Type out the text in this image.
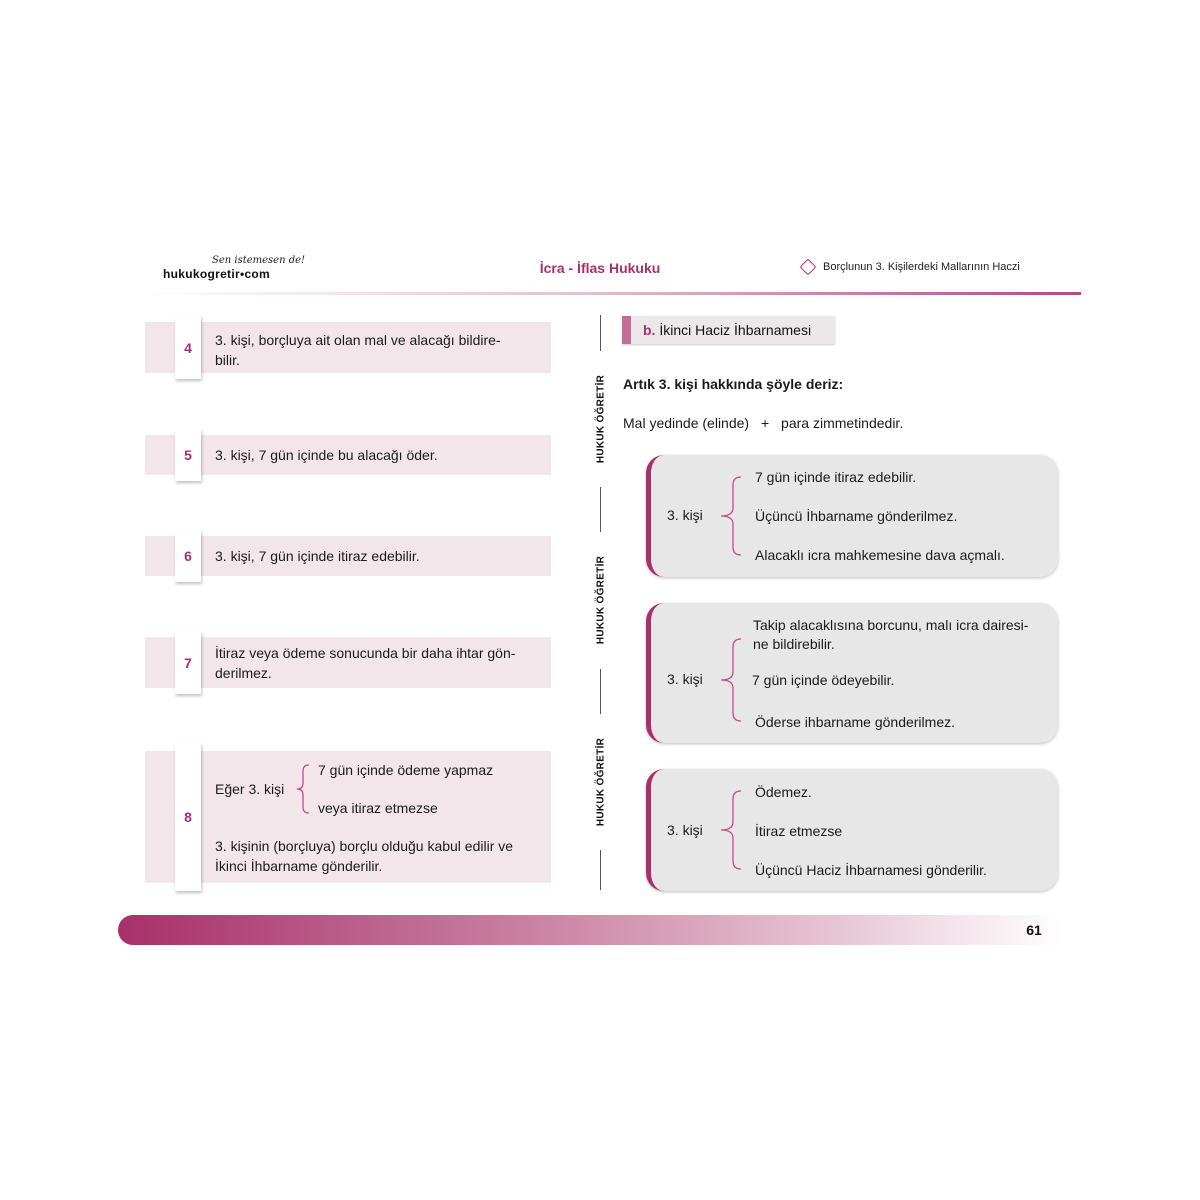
Sen istemesen de!
hukukogretir•com	İcra - İflas Hukuku	Borçlunun 3. Kişilerdeki Mallarının Haczi
4	3. kişi, borçluya ait olan mal ve alacağı bildire-
bilir.
5	3. kişi, 7 gün içinde bu alacağı öder.
6	3. kişi, 7 gün içinde itiraz edebilir.
7
İtiraz veya ödeme sonucunda bir daha ihtar gön-
derilmez.
8
Eğer 3. kişi
7 gün içinde ödeme yapmaz
veya itiraz etmezse
3. kişinin (borçluya) borçlu olduğu kabul edilir ve
İkinci İhbarname gönderilir.
HUKUK ÖĞRETİR
HUKUK ÖĞRETİR
HUKUK ÖĞRETİR
b. İkinci Haciz İhbarnamesi
Artık 3. kişi hakkında şöyle deriz:
Mal yedinde (elinde) + para zimmetindedir.
3. kişi
7 gün içinde itiraz edebilir.
Üçüncü İhbarname gönderilmez.
Alacaklı icra mahkemesine dava açmalı.
3. kişi
Takip alacaklısına borcunu, malı icra dairesi-
ne bildirebilir.
7 gün içinde ödeyebilir.
Öderse ihbarname gönderilmez.
3. kişi
Ödemez.
İtiraz etmezse
Üçüncü Haciz İhbarnamesi gönderilir.
61
